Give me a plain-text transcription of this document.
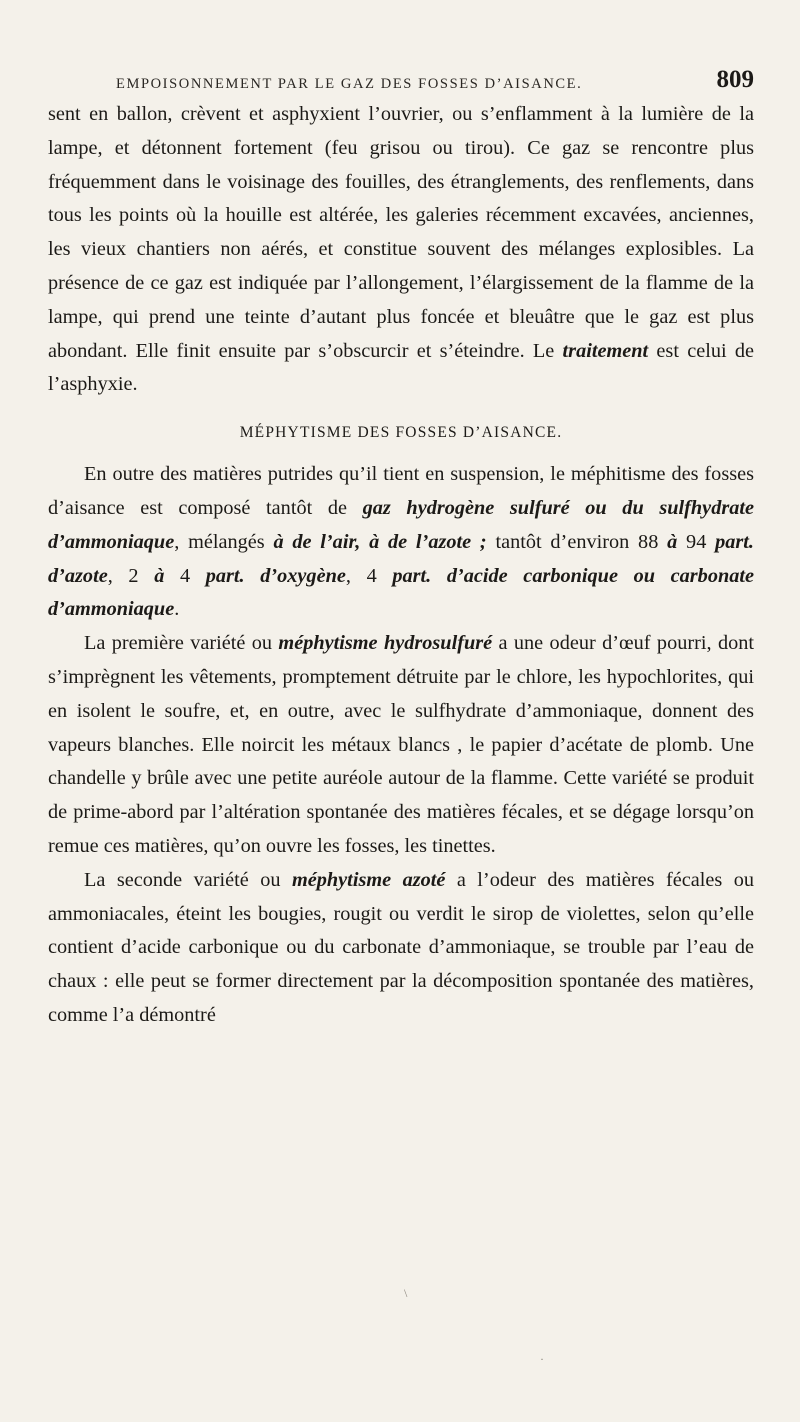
EMPOISONNEMENT PAR LE GAZ DES FOSSES D’AISANCE.	809

sent en ballon, crèvent et asphyxient l’ouvrier, ou s’enflamment à la lumière de la lampe, et détonnent fortement (feu grisou ou tirou). Ce gaz se rencontre plus fréquemment dans le voisinage des fouilles, des étranglements, des renflements, dans tous les points où la houille est altérée, les galeries récemment excavées, anciennes, les vieux chantiers non aérés, et constitue souvent des mélanges explosibles. La présence de ce gaz est indiquée par l’allongement, l’élargissement de la flamme de la lampe, qui prend une teinte d’autant plus foncée et bleuâtre que le gaz est plus abondant. Elle finit ensuite par s’obscurcir et s’éteindre. Le traitement est celui de l’asphyxie.

MÉPHYTISME DES FOSSES D’AISANCE.

En outre des matières putrides qu’il tient en suspension, le méphitisme des fosses d’aisance est composé tantôt de gaz hydrogène sulfuré ou du sulfhydrate d’ammoniaque, mélangés à de l’air, à de l’azote ; tantôt d’environ 88 à 94 part. d’azote, 2 à 4 part. d’oxygène, 4 part. d’acide carbonique ou carbonate d’ammoniaque.

La première variété ou méphytisme hydrosulfuré a une odeur d’œuf pourri, dont s’imprègnent les vêtements, promptement détruite par le chlore, les hypochlorites, qui en isolent le soufre, et, en outre, avec le sulfhydrate d’ammoniaque, donnent des vapeurs blanches. Elle noircit les métaux blancs , le papier d’acétate de plomb. Une chandelle y brûle avec une petite auréole autour de la flamme. Cette variété se produit de prime-abord par l’altération spontanée des matières fécales, et se dégage lorsqu’on remue ces matières, qu’on ouvre les fosses, les tinettes.

La seconde variété ou méphytisme azoté a l’odeur des matières fécales ou ammoniacales, éteint les bougies, rougit ou verdit le sirop de violettes, selon qu’elle contient d’acide carbonique ou du carbonate d’ammoniaque, se trouble par l’eau de chaux : elle peut se former directement par la décomposition spontanée des matières, comme l’a démontré

\
·
